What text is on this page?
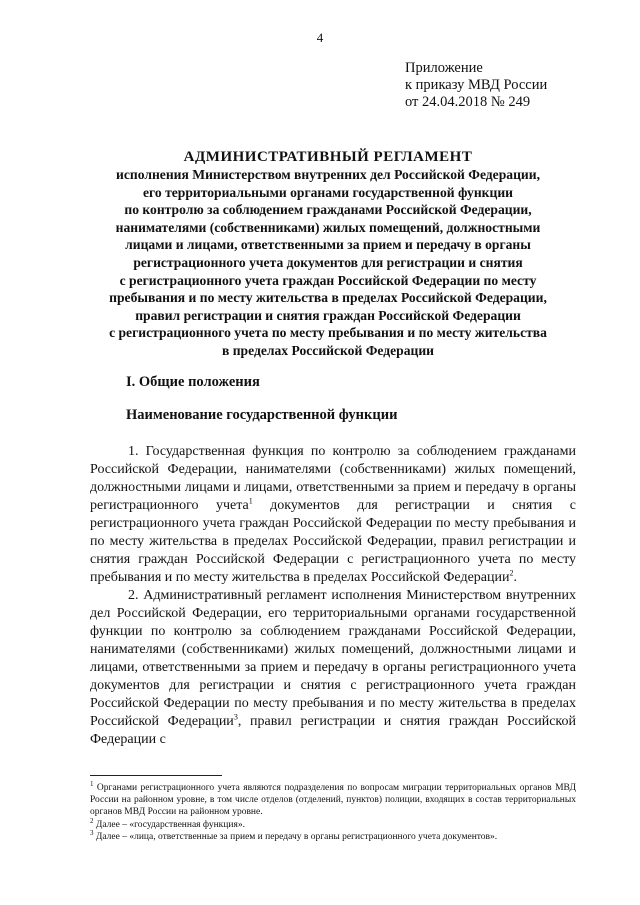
4
Приложение
к приказу МВД России
от 24.04.2018 № 249
АДМИНИСТРАТИВНЫЙ РЕГЛАМЕНТ
исполнения Министерством внутренних дел Российской Федерации,
его территориальными органами государственной функции
по контролю за соблюдением гражданами Российской Федерации,
нанимателями (собственниками) жилых помещений, должностными
лицами и лицами, ответственными за прием и передачу в органы
регистрационного учета документов для регистрации и снятия
с регистрационного учета граждан Российской Федерации по месту
пребывания и по месту жительства в пределах Российской Федерации,
правил регистрации и снятия граждан Российской Федерации
с регистрационного учета по месту пребывания и по месту жительства
в пределах Российской Федерации
I. Общие положения
Наименование государственной функции

1. Государственная функция по контролю за соблюдением гражданами Российской Федерации, нанимателями (собственниками) жилых помещений, должностными лицами и лицами, ответственными за прием и передачу в органы регистрационного учета$^1$ документов для регистрации и снятия с регистрационного учета граждан Российской Федерации по месту пребывания и по месту жительства в пределах Российской Федерации, правил регистрации и снятия граждан Российской Федерации с регистрационного учета по месту пребывания и по месту жительства в пределах Российской Федерации$^2$.

2. Административный регламент исполнения Министерством внутренних дел Российской Федерации, его территориальными органами государственной функции по контролю за соблюдением гражданами Российской Федерации, нанимателями (собственниками) жилых помещений, должностными лицами и лицами, ответственными за прием и передачу в органы регистрационного учета документов для регистрации и снятия с регистрационного учета граждан Российской Федерации по месту пребывания и по месту жительства в пределах Российской Федерации$^3$, правил регистрации и снятия граждан Российской Федерации с

$^1$ Органами регистрационного учета являются подразделения по вопросам миграции территориальных органов МВД России на районном уровне, в том числе отделов (отделений, пунктов) полиции, входящих в состав территориальных органов МВД России на районном уровне.
$^2$ Далее – «государственная функция».
$^3$ Далее – «лица, ответственные за прием и передачу в органы регистрационного учета документов».
